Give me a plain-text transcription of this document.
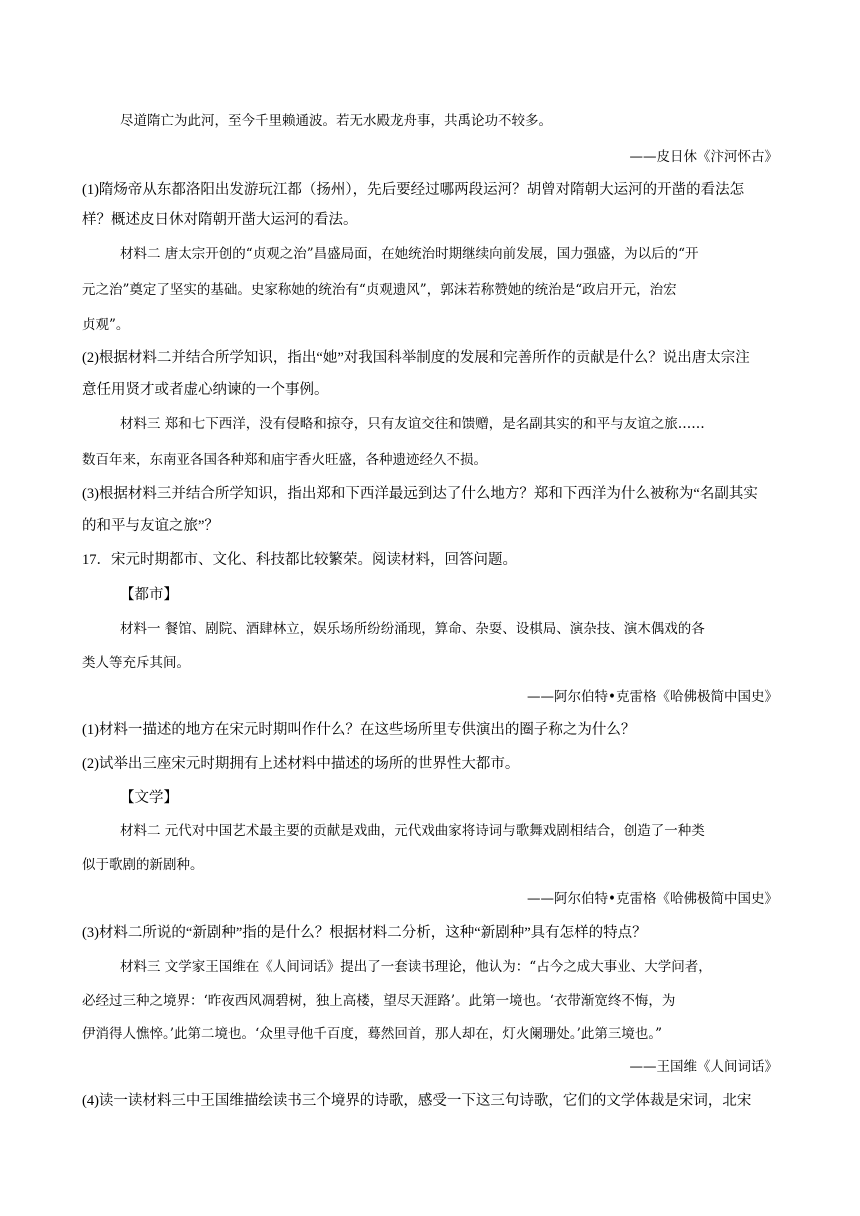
尽道隋亡为此河，至今千里赖通波。若无水殿龙舟事，共禹论功不较多。
——皮日休《汴河怀古》
(1)隋炀帝从东都洛阳出发游玩江都（扬州），先后要经过哪两段运河？胡曾对隋朝大运河的开凿的看法怎
样？概述皮日休对隋朝开凿大运河的看法。
材料二 唐太宗开创的“贞观之治”昌盛局面，在她统治时期继续向前发展，国力强盛，为以后的“开
元之治”奠定了坚实的基础。史家称她的统治有“贞观遗风”，郭沫若称赞她的统治是“政启开元，治宏
贞观”。
(2)根据材料二并结合所学知识，指出“她”对我国科举制度的发展和完善所作的贡献是什么？说出唐太宗注
意任用贤才或者虚心纳谏的一个事例。
材料三 郑和七下西洋，没有侵略和掠夺，只有友谊交往和馈赠，是名副其实的和平与友谊之旅……
数百年来，东南亚各国各种郑和庙宇香火旺盛，各种遗迹经久不损。
(3)根据材料三并结合所学知识，指出郑和下西洋最远到达了什么地方？郑和下西洋为什么被称为“名副其实
的和平与友谊之旅”？
17．宋元时期都市、文化、科技都比较繁荣。阅读材料，回答问题。
【都市】
材料一 餐馆、剧院、酒肆林立，娱乐场所纷纷涌现，算命、杂耍、设棋局、演杂技、演木偶戏的各
类人等充斥其间。
——阿尔伯特•克雷格《哈佛极简中国史》
(1)材料一描述的地方在宋元时期叫作什么？在这些场所里专供演出的圈子称之为什么？
(2)试举出三座宋元时期拥有上述材料中描述的场所的世界性大都市。
【文学】
材料二 元代对中国艺术最主要的贡献是戏曲，元代戏曲家将诗词与歌舞戏剧相结合，创造了一种类
似于歌剧的新剧种。
——阿尔伯特•克雷格《哈佛极简中国史》
(3)材料二所说的“新剧种”指的是什么？根据材料二分析，这种“新剧种”具有怎样的特点？
材料三 文学家王国维在《人间词话》提出了一套读书理论，他认为：“占今之成大事业、大学问者，
必经过三种之境界：‘昨夜西风凋碧树，独上高楼，望尽天涯路’。此第一境也。‘衣带渐宽终不悔，为
伊消得人憔悴。’此第二境也。‘众里寻他千百度，蓦然回首，那人却在，灯火阑珊处。’此第三境也。”
——王国维《人间词话》
(4)读一读材料三中王国维描绘读书三个境界的诗歌，感受一下这三句诗歌，它们的文学体裁是宋词，北宋
